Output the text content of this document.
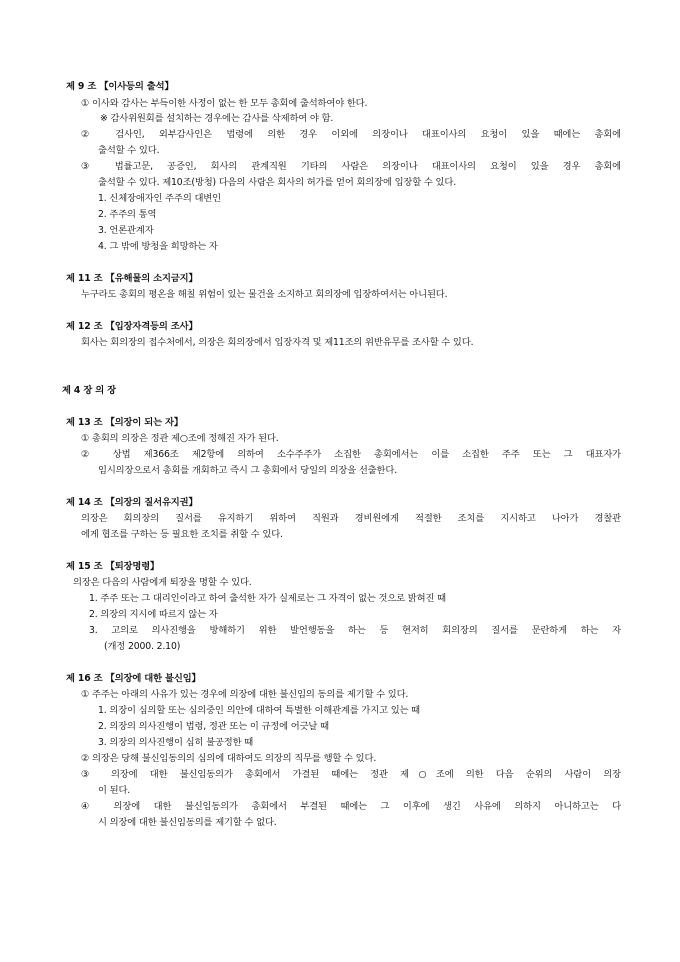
제 9 조 【이사등의 출석】
① 이사와 감사는 부득이한 사정이 없는 한 모두 총회에 출석하여야 한다.
※ 감사위원회를 설치하는 경우에는 감사를 삭제하여 야 함.
② 검사인, 외부감사인은 법령에 의한 경우 이외에 의장이나 대표이사의 요청이 있을 때에는 총회에
출석할 수 있다.
③ 법률고문, 공증인, 회사의 관계직원 기타의 사람은 의장이나 대표이사의 요청이 있을 경우 총회에
출석할 수 있다. 제10조(방청) 다음의 사람은 회사의 허가를 얻어 회의장에 입장할 수 있다.
1. 신체장애자인 주주의 대변인
2. 주주의 통역
3. 언론관계자
4. 그 밖에 방청을 희망하는 자
제 11 조 【유해물의 소지금지】
누구라도 총회의 평온을 해칠 위험이 있는 물건을 소지하고 회의장에 입장하여서는 아니된다.
제 12 조 【입장자격등의 조사】
회사는 회의장의 접수처에서, 의장은 회의장에서 입장자격 및 제11조의 위반유무를 조사할 수 있다.
제 4 장 의 장
제 13 조 【의장이 되는 자】
① 총회의 의장은 정관 제○조에 정해진 자가 된다.
② 상법 제366조 제2항에 의하여 소수주주가 소집한 총회에서는 이를 소집한 주주 또는 그 대표자가
임시의장으로서 총회를 개회하고 즉시 그 총회에서 당일의 의장을 선출한다.
제 14 조 【의장의 질서유지권】
의장은 회의장의 질서를 유지하기 위하여 직원과 경비원에게 적절한 조치를 지시하고 나아가 경찰관
에게 협조를 구하는 등 필요한 조치를 취할 수 있다.
제 15 조 【퇴장명령】
의장은 다음의 사람에게 퇴장을 명할 수 있다.
1. 주주 또는 그 대리인이라고 하여 출석한 자가 실제로는 그 자격이 없는 것으로 밝혀진 때
2. 의장의 지시에 따르지 않는 자
3. 고의로 의사진행을 방해하기 위한 발언행동을 하는 등 현저히 회의장의 질서를 문란하게 하는 자
(개정 2000. 2.10)
제 16 조 【의장에 대한 불신임】
① 주주는 아래의 사유가 있는 경우에 의장에 대한 불신임의 동의를 제기할 수 있다.
1. 의장이 심의할 또는 심의중인 의안에 대하여 특별한 이해관계를 가지고 있는 때
2. 의장의 의사진행이 법령, 정관 또는 이 규정에 어긋날 때
3. 의장의 의사진행이 심히 불공정한 때
② 의장은 당해 불신임동의의 심의에 대하여도 의장의 직무를 행할 수 있다.
③ 의장에 대한 불신임동의가 총회에서 가결된 때에는 정관 제○조에 의한 다음 순위의 사람이 의장
이 된다.
④ 의장에 대한 불신임동의가 총회에서 부결된 때에는 그 이후에 생긴 사유에 의하지 아니하고는 다
시 의장에 대한 불신임동의를 제기할 수 없다.
